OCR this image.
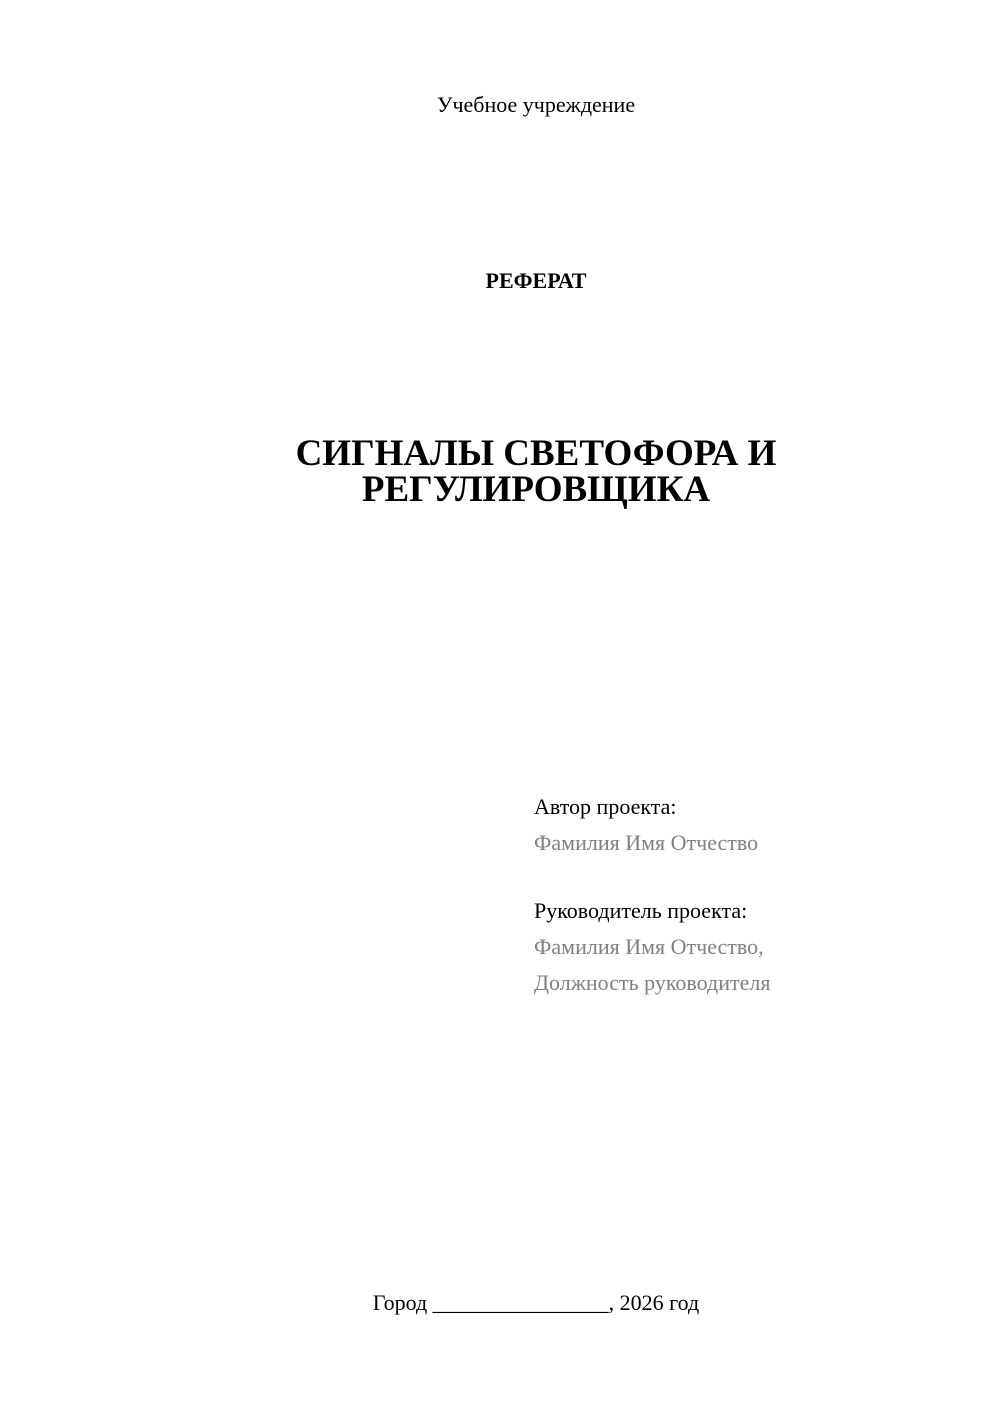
Учебное учреждение
РЕФЕРАТ
СИГНАЛЫ СВЕТОФОРА И
РЕГУЛИРОВЩИКА
Автор проекта:
Фамилия Имя Отчество
Руководитель проекта:
Фамилия Имя Отчество,
Должность руководителя
Город ________________, 2026 год
